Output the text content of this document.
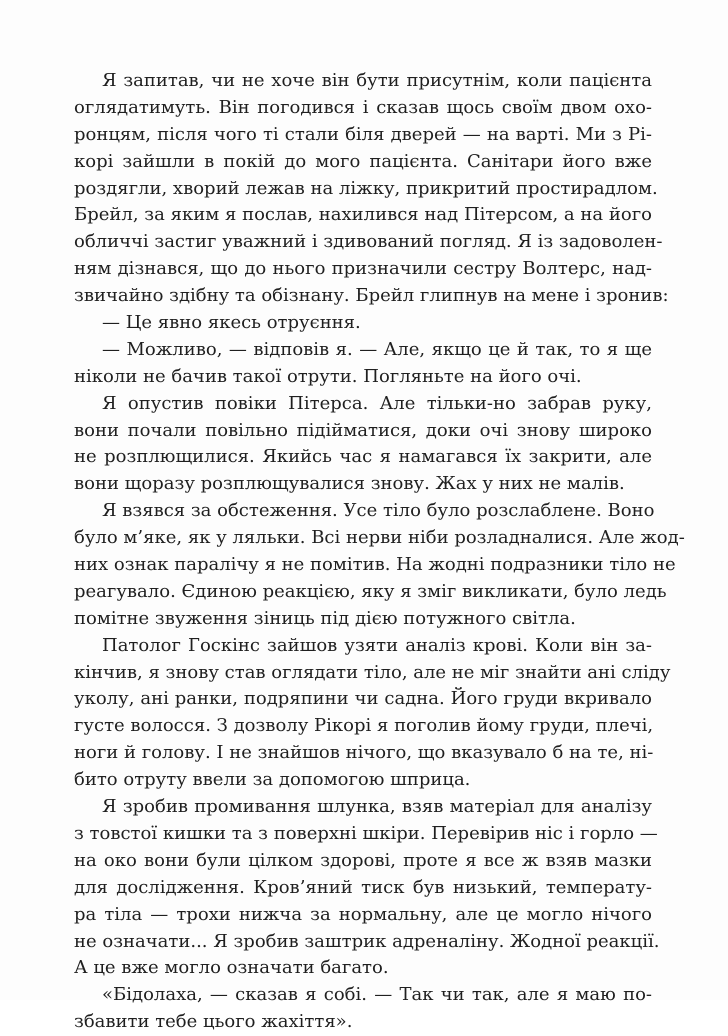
Я запитав, чи не хоче він бути присутнім, коли пацієнта
оглядатимуть. Він погодився і сказав щось своїм двом охо-
ронцям, після чого ті стали біля дверей — на варті. Ми з Рі-
корі зайшли в покій до мого пацієнта. Санітари його вже
роздягли, хворий лежав на ліжку, прикритий простирадлом.
Брейл, за яким я послав, нахилився над Пітерсом, а на його
обличчі застиг уважний і здивований погляд. Я із задоволен-
ням дізнався, що до нього призначили сестру Волтерс, над-
звичайно здібну та обізнану. Брейл глипнув на мене і зронив:
— Це явно якесь отруєння.
— Можливо, — відповів я. — Але, якщо це й так, то я ще
ніколи не бачив такої отрути. Погляньте на його очі.
Я опустив повіки Пітерса. Але тільки-но забрав руку,
вони почали повільно підійматися, доки очі знову широко
не розплющилися. Якийсь час я намагався їх закрити, але
вони щоразу розплющувалися знову. Жах у них не малів.
Я взявся за обстеження. Усе тіло було розслаблене. Воно
було м’яке, як у ляльки. Всі нерви ніби розладналися. Але жод-
них ознак паралічу я не помітив. На жодні подразники тіло не
реагувало. Єдиною реакцією, яку я зміг викликати, було ледь
помітне звуження зіниць під дією потужного світла.
Патолог Госкінс зайшов узяти аналіз крові. Коли він за-
кінчив, я знову став оглядати тіло, але не міг знайти ані сліду
уколу, ані ранки, подряпини чи садна. Його груди вкривало
густе волосся. З дозволу Рікорі я поголив йому груди, плечі,
ноги й голову. І не знайшов нічого, що вказувало б на те, ні-
бито отруту ввели за допомогою шприца.
Я зробив промивання шлунка, взяв матеріал для аналізу
з товстої кишки та з поверхні шкіри. Перевірив ніс і горло —
на око вони були цілком здорові, проте я все ж взяв мазки
для дослідження. Кров’яний тиск був низький, температу-
ра тіла — трохи нижча за нормальну, але це могло нічого
не означати... Я зробив заштрик адреналіну. Жодної реакції.
А це вже могло означати багато.
«Бідолаха, — сказав я собі. — Так чи так, але я маю по-
збавити тебе цього жахіття».
